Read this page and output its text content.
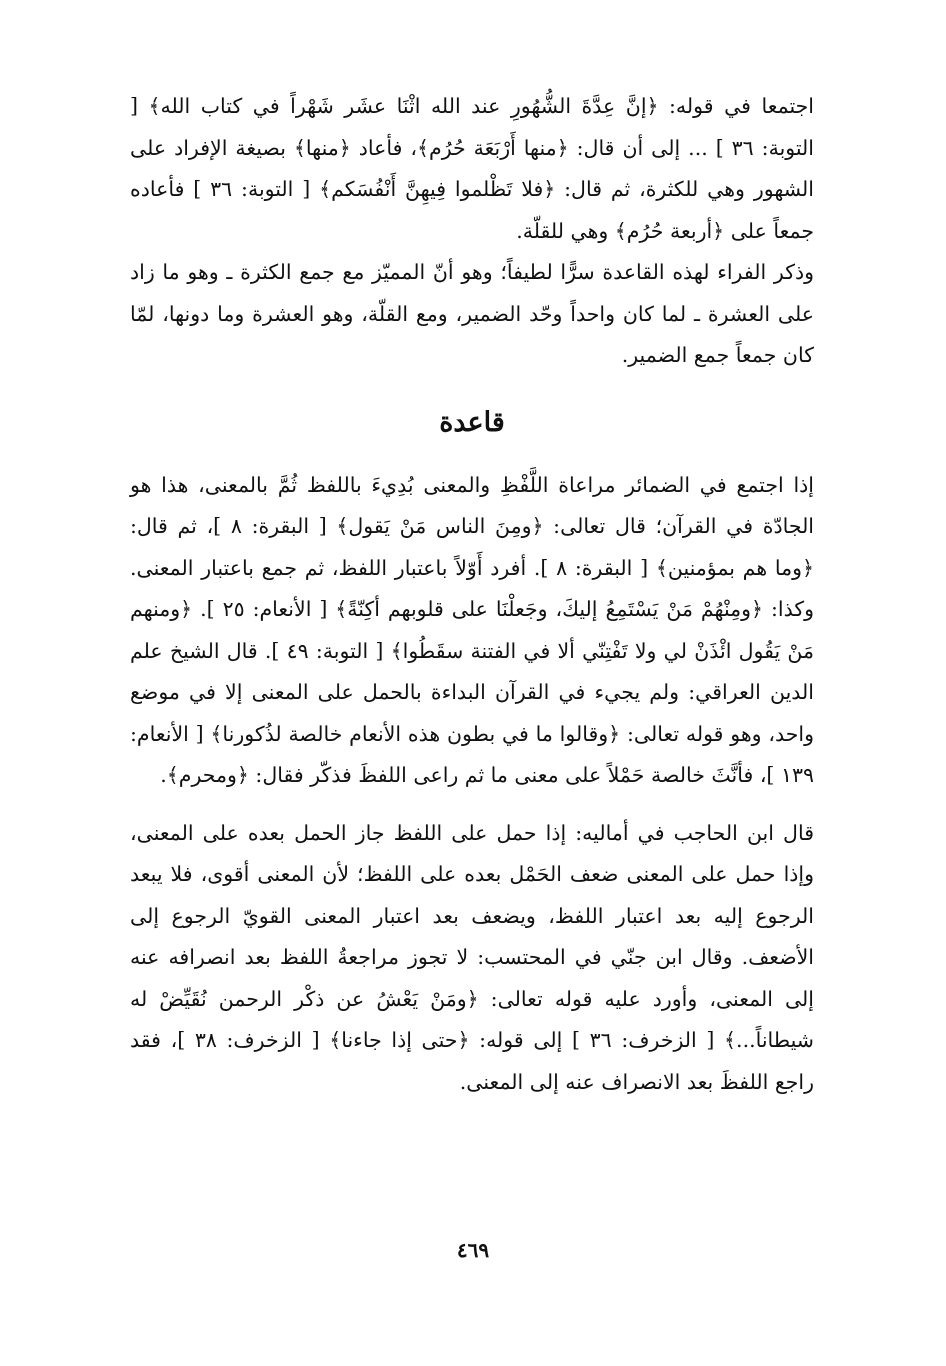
اجتمعا في قوله: ﴿إنَّ عِدَّةَ الشُّهُورِ عند الله اثْنَا عشَر شَهْراً في كتاب الله﴾ [ التوبة: ٣٦ ] ... إلى أن قال: ﴿منها أَرْبَعَة حُرُم﴾، فأعاد ﴿منها﴾ بصيغة الإفراد على الشهور وهي للكثرة، ثم قال: ﴿فلا تَظْلموا فِيهِنَّ أَنْفُسَكم﴾ [ التوبة: ٣٦ ] فأعاده جمعاً على ﴿أربعة حُرُم﴾ وهي للقلّة.

وذكر الفراء لهذه القاعدة سرًّا لطيفاً؛ وهو أنّ المميّز مع جمع الكثرة ـ وهو ما زاد على العشرة ـ لما كان واحداً وحّد الضمير، ومع القلّة، وهو العشرة وما دونها، لمّا كان جمعاً جمع الضمير.

قاعدة

إذا اجتمع في الضمائر مراعاة اللَّفْظِ والمعنى بُدِيءَ باللفظ ثُمَّ بالمعنى، هذا هو الجادّة في القرآن؛ قال تعالى: ﴿ومِنَ الناس مَنْ يَقول﴾ [ البقرة: ٨ ]، ثم قال: ﴿وما هم بمؤمنين﴾ [ البقرة: ٨ ]. أفرد أَوّلاً باعتبار اللفظ، ثم جمع باعتبار المعنى. وكذا: ﴿ومِنْهُمْ مَنْ يَسْتَمِعُ إليكَ، وجَعلْنَا على قلوبهم أكِنّةً﴾ [ الأنعام: ٢٥ ]. ﴿ومنهم مَنْ يَقُول ائْذَنْ لي ولا تَفْتِنّي ألا في الفتنة سقَطُوا﴾ [ التوبة: ٤٩ ]. قال الشيخ علم الدين العراقي: ولم يجيء في القرآن البداءة بالحمل على المعنى إلا في موضع واحد، وهو قوله تعالى: ﴿وقالوا ما في بطون هذه الأنعام خالصة لذُكورنا﴾ [ الأنعام: ١٣٩ ]، فأنَّثَ خالصة حَمْلاً على معنى ما ثم راعى اللفظَ فذكّر فقال: ﴿ومحرم﴾.

قال ابن الحاجب في أماليه: إذا حمل على اللفظ جاز الحمل بعده على المعنى، وإذا حمل على المعنى ضعف الحَمْل بعده على اللفظ؛ لأن المعنى أقوى، فلا يبعد الرجوع إليه بعد اعتبار اللفظ، ويضعف بعد اعتبار المعنى القويّ الرجوع إلى الأضعف. وقال ابن جنّي في المحتسب: لا تجوز مراجعةُ اللفظ بعد انصرافه عنه إلى المعنى، وأورد عليه قوله تعالى: ﴿ومَنْ يَعْشُ عن ذكْر الرحمن نُقَيِّضْ له شيطاناً...﴾ [ الزخرف: ٣٦ ] إلى قوله: ﴿حتى إذا جاءنا﴾ [ الزخرف: ٣٨ ]، فقد راجع اللفظَ بعد الانصراف عنه إلى المعنى.

٤٦٩
